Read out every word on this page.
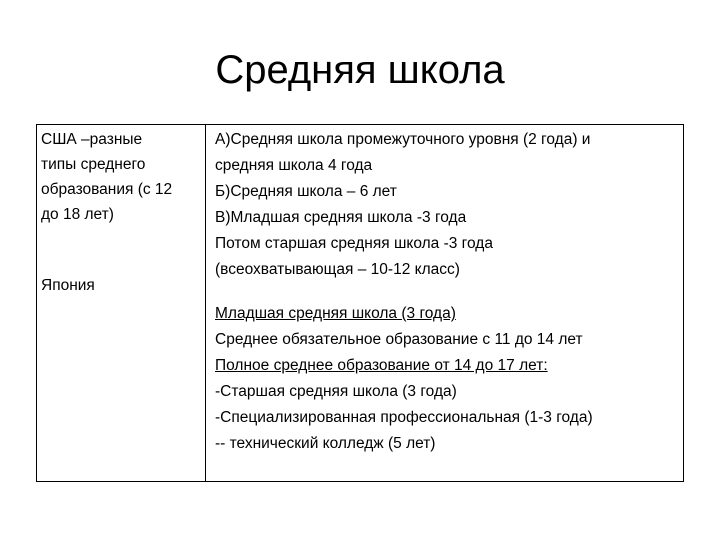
Средняя школа
США –разные
типы среднего
образования (с 12
до 18 лет)
Япония
А)Средняя школа промежуточного уровня (2 года) и
средняя школа 4 года
Б)Средняя школа – 6 лет
В)Младшая средняя школа -3 года
Потом старшая средняя школа -3 года
(всеохватывающая – 10-12 класс)
Младшая средняя школа (3 года)
Среднее обязательное образование с 11 до 14 лет
Полное среднее образование от 14 до 17 лет:
-Старшая средняя школа (3 года)
-Специализированная профессиональная (1-3 года)
-- технический колледж (5 лет)
